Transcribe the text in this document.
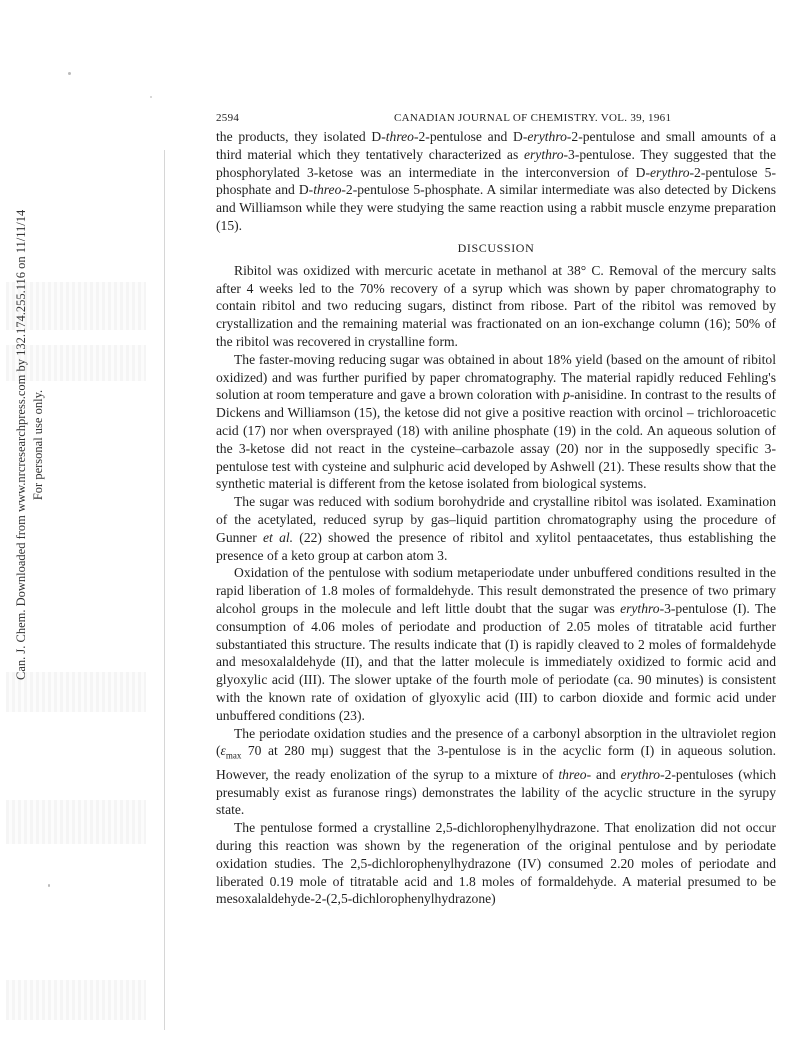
Can. J. Chem. Downloaded from www.nrcresearchpress.com by 132.174.255.116 on 11/11/14 For personal use only.
2594	CANADIAN JOURNAL OF CHEMISTRY. VOL. 39, 1961

the products, they isolated D-threo-2-pentulose and D-erythro-2-pentulose and small amounts of a third material which they tentatively characterized as erythro-3-pentulose. They suggested that the phosphorylated 3-ketose was an intermediate in the interconversion of D-erythro-2-pentulose 5-phosphate and D-threo-2-pentulose 5-phosphate. A similar intermediate was also detected by Dickens and Williamson while they were studying the same reaction using a rabbit muscle enzyme preparation (15).

DISCUSSION

Ribitol was oxidized with mercuric acetate in methanol at 38° C. Removal of the mercury salts after 4 weeks led to the 70% recovery of a syrup which was shown by paper chromatography to contain ribitol and two reducing sugars, distinct from ribose. Part of the ribitol was removed by crystallization and the remaining material was fractionated on an ion-exchange column (16); 50% of the ribitol was recovered in crystalline form.

The faster-moving reducing sugar was obtained in about 18% yield (based on the amount of ribitol oxidized) and was further purified by paper chromatography. The material rapidly reduced Fehling's solution at room temperature and gave a brown coloration with p-anisidine. In contrast to the results of Dickens and Williamson (15), the ketose did not give a positive reaction with orcinol – trichloroacetic acid (17) nor when oversprayed (18) with aniline phosphate (19) in the cold. An aqueous solution of the 3-ketose did not react in the cysteine–carbazole assay (20) nor in the supposedly specific 3-pentulose test with cysteine and sulphuric acid developed by Ashwell (21). These results show that the synthetic material is different from the ketose isolated from biological systems.

The sugar was reduced with sodium borohydride and crystalline ribitol was isolated. Examination of the acetylated, reduced syrup by gas–liquid partition chromatography using the procedure of Gunner et al. (22) showed the presence of ribitol and xylitol pentaacetates, thus establishing the presence of a keto group at carbon atom 3.

Oxidation of the pentulose with sodium metaperiodate under unbuffered conditions resulted in the rapid liberation of 1.8 moles of formaldehyde. This result demonstrated the presence of two primary alcohol groups in the molecule and left little doubt that the sugar was erythro-3-pentulose (I). The consumption of 4.06 moles of periodate and production of 2.05 moles of titratable acid further substantiated this structure. The results indicate that (I) is rapidly cleaved to 2 moles of formaldehyde and mesoxalaldehyde (II), and that the latter molecule is immediately oxidized to formic acid and glyoxylic acid (III). The slower uptake of the fourth mole of periodate (ca. 90 minutes) is consistent with the known rate of oxidation of glyoxylic acid (III) to carbon dioxide and formic acid under unbuffered conditions (23).

The periodate oxidation studies and the presence of a carbonyl absorption in the ultraviolet region ($\varepsilon_{max}$ 70 at 280 mμ) suggest that the 3-pentulose is in the acyclic form (I) in aqueous solution. However, the ready enolization of the syrup to a mixture of threo- and erythro-2-pentuloses (which presumably exist as furanose rings) demonstrates the lability of the acyclic structure in the syrupy state.

The pentulose formed a crystalline 2,5-dichlorophenylhydrazone. That enolization did not occur during this reaction was shown by the regeneration of the original pentulose and by periodate oxidation studies. The 2,5-dichlorophenylhydrazone (IV) consumed 2.20 moles of periodate and liberated 0.19 mole of titratable acid and 1.8 moles of formaldehyde. A material presumed to be mesoxalaldehyde-2-(2,5-dichlorophenylhydrazone)
